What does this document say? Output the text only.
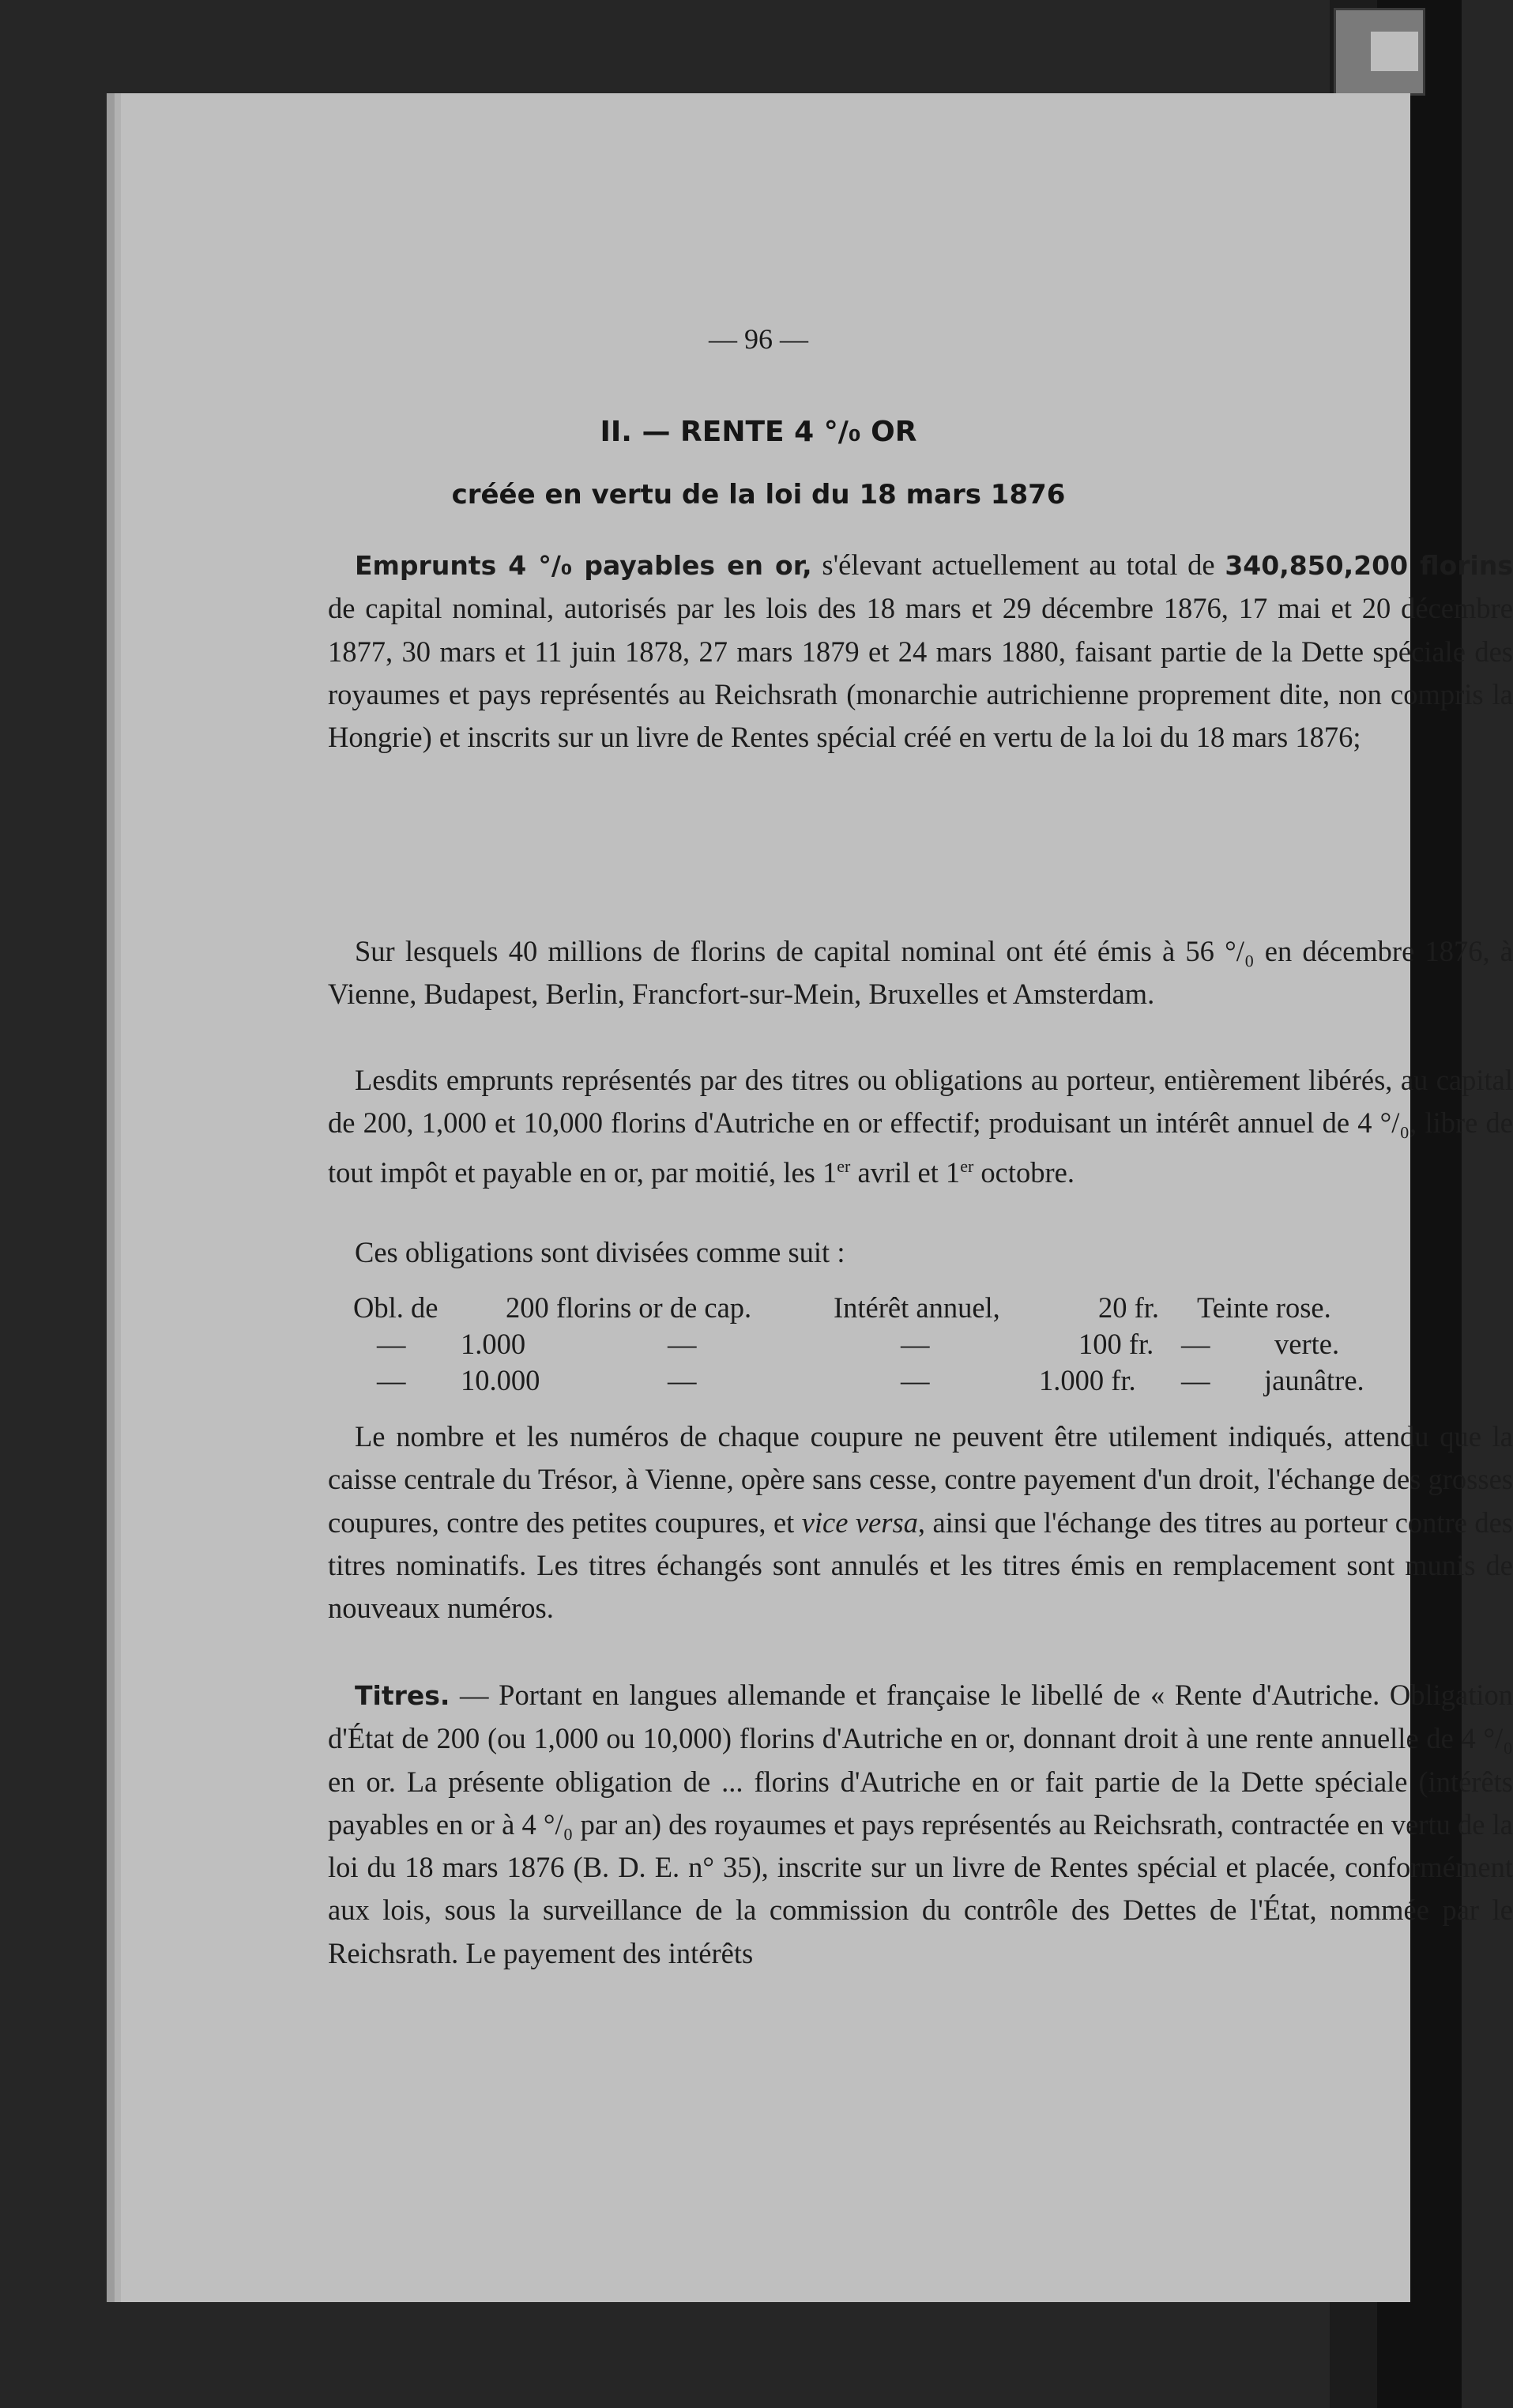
— 96 —
II. — RENTE 4 °/₀ OR
créée en vertu de la loi du 18 mars 1876

Emprunts 4 °/₀ payables en or, s'élevant actuellement au total de 340,850,200 florins de capital nominal, autorisés par les lois des 18 mars et 29 décembre 1876, 17 mai et 20 décembre 1877, 30 mars et 11 juin 1878, 27 mars 1879 et 24 mars 1880, faisant partie de la Dette spéciale des royaumes et pays représentés au Reichsrath (monarchie autrichienne proprement dite, non compris la Hongrie) et inscrits sur un livre de Rentes spécial créé en vertu de la loi du 18 mars 1876;

Sur lesquels 40 millions de florins de capital nominal ont été émis à 56 °/₀ en décembre 1876, à Vienne, Budapest, Berlin, Francfort-sur-Mein, Bruxelles et Amsterdam.

Lesdits emprunts représentés par des titres ou obligations au porteur, entièrement libérés, au capital de 200, 1,000 et 10,000 florins d'Autriche en or effectif; produisant un intérêt annuel de 4 °/₀, libre de tout impôt et payable en or, par moitié, les 1er avril et 1er octobre.

Ces obligations sont divisées comme suit :

Obl. de 200 florins or de cap.	Intérêt annuel,	20 fr. Teinte rose.
— 1.000	—	—	100 fr. — verte.
— 10.000	—	—	1.000 fr. — jaunâtre.

Le nombre et les numéros de chaque coupure ne peuvent être utilement indiqués, attendu que la caisse centrale du Trésor, à Vienne, opère sans cesse, contre payement d'un droit, l'échange des grosses coupures, contre des petites coupures, et vice versa, ainsi que l'échange des titres au porteur contre des titres nominatifs. Les titres échangés sont annulés et les titres émis en remplacement sont munis de nouveaux numéros.

Titres. — Portant en langues allemande et française le libellé de « Rente d'Autriche. Obligation d'État de 200 (ou 1,000 ou 10,000) florins d'Autriche en or, donnant droit à une rente annuelle de 4 °/₀ en or. La présente obligation de ... florins d'Autriche en or fait partie de la Dette spéciale (intérêts payables en or à 4 °/₀ par an) des royaumes et pays représentés au Reichsrath, contractée en vertu de la loi du 18 mars 1876 (B. D. E. n° 35), inscrite sur un livre de Rentes spécial et placée, conformément aux lois, sous la surveillance de la commission du contrôle des Dettes de l'État, nommée par le Reichsrath. Le payement des intérêts
